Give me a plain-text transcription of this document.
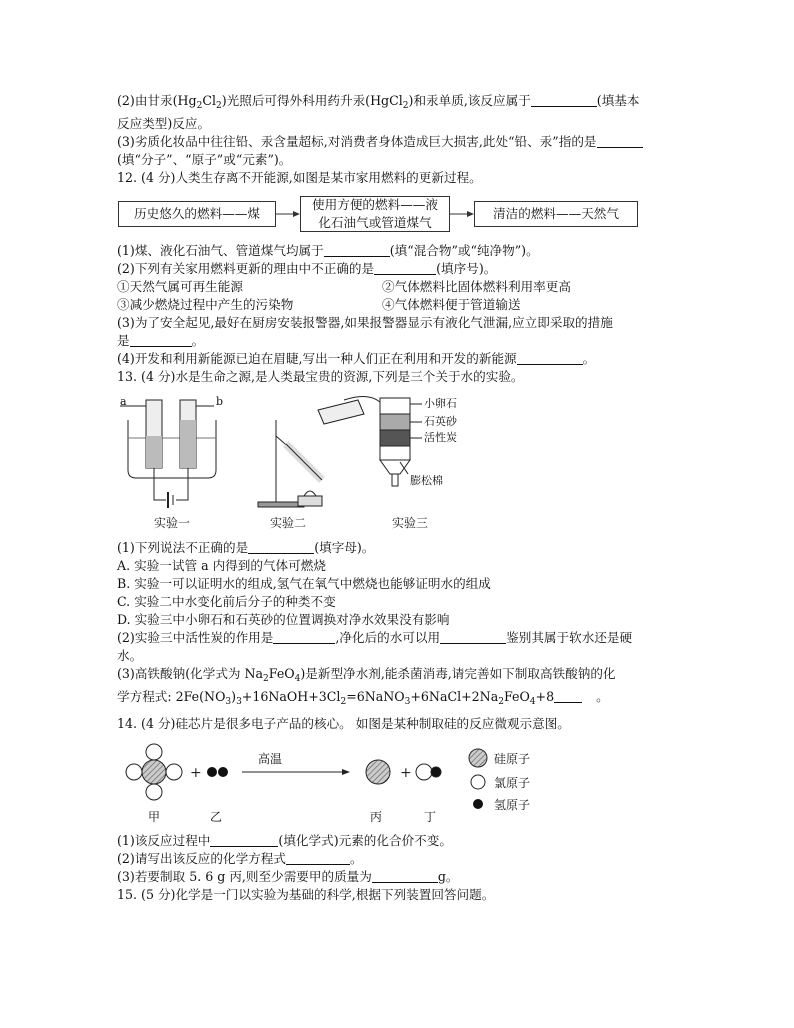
(2)由甘汞$(Hg_2Cl_2)$光照后可得外科用药升汞(HgCl$_2$)和汞单质,该反应属于	(填基本
反应类型)反应。
(3)劣质化妆品中往往铅、汞含量超标,对消费者身体造成巨大损害,此处“铅、汞”指的是
(填“分子”、“原子”或“元素”)。
12. (4 分)人类生存离不开能源,如图是某市家用燃料的更新过程。
历史悠久的燃料——煤
使用方便的燃料——液化石油气或管道煤气
清洁的燃料——天然气
(1)煤、液化石油气、管道煤气均属于	(填“混合物”或“纯净物”)。
(2)下列有关家用燃料更新的理由中不正确的是	(填序号)。
①天然气属可再生能源	②气体燃料比固体燃料利用率更高
③减少燃烧过程中产生的污染物	④气体燃料便于管道输送
(3)为了安全起见,最好在厨房安装报警器,如果报警器显示有液化气泄漏,应立即采取的措施
是	。
(4)开发和利用新能源已迫在眉睫,写出一种人们正在利用和开发的新能源	。
13. (4 分)水是生命之源,是人类最宝贵的资源,下列是三个关于水的实验。
a	b	小卵石
石英砂
活性炭
膨松棉
实验一	实验二	实验三
(1)下列说法不正确的是	(填字母)。
A. 实验一试管 a 内得到的气体可燃烧
B. 实验一可以证明水的组成,氢气在氧气中燃烧也能够证明水的组成
C. 实验二中水变化前后分子的种类不变
D. 实验三中小卵石和石英砂的位置调换对净水效果没有影响
(2)实验三中活性炭的作用是	,净化后的水可以用	鉴别其属于软水还是硬
水。
(3)高铁酸钠(化学式为 $Na_2FeO_4$)是新型净水剂,能杀菌消毒,请完善如下制取高铁酸钠的化
学方程式: $2Fe(NO_3)_3+16NaOH+3Cl_2=6NaNO_3+6NaCl+2Na_2FeO_4+8$	。
14. (4 分)硅芯片是很多电子产品的核心。 如图是某种制取硅的反应微观示意图。
+	+
高温
甲	乙	丙	丁
硅原子
氯原子
氢原子
(1)该反应过程中	(填化学式)元素的化合价不变。
(2)请写出该反应的化学方程式	。
(3)若要制取 5. 6 g 丙,则至少需要甲的质量为	g。
15. (5 分)化学是一门以实验为基础的科学,根据下列装置回答问题。
